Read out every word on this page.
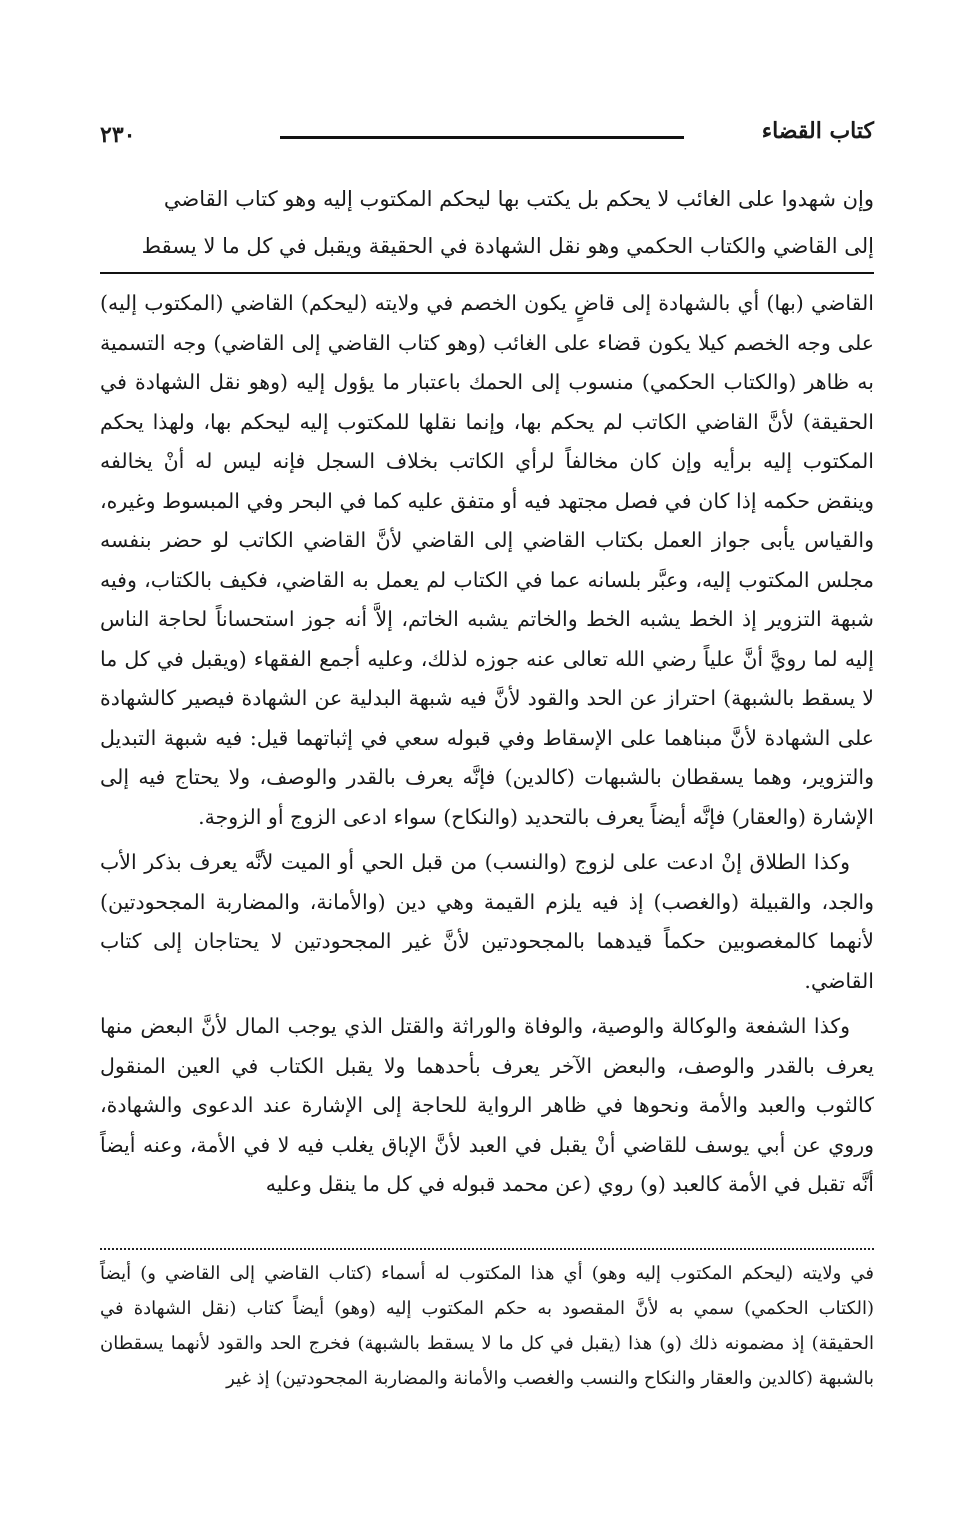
كتاب القضاء
٢٣٠
وإن شهدوا على الغائب لا يحكم بل يكتب بها ليحكم المكتوب إليه وهو كتاب القاضي
إلى القاضي والكتاب الحكمي وهو نقل الشهادة في الحقيقة ويقبل في كل ما لا يسقط

القاضي (بها) أي بالشهادة إلى قاضٍ يكون الخصم في ولايته (ليحكم) القاضي (المكتوب إليه) على وجه الخصم كيلا يكون قضاء على الغائب (وهو كتاب القاضي إلى القاضي) وجه التسمية به ظاهر (والكتاب الحكمي) منسوب إلى الحمك باعتبار ما يؤول إليه (وهو نقل الشهادة في الحقيقة) لأنَّ القاضي الكاتب لم يحكم بها، وإنما نقلها للمكتوب إليه ليحكم بها، ولهذا يحكم المكتوب إليه برأيه وإن كان مخالفاً لرأي الكاتب بخلاف السجل فإنه ليس له أنْ يخالفه وينقض حكمه إذا كان في فصل مجتهد فيه أو متفق عليه كما في البحر وفي المبسوط وغيره، والقياس يأبى جواز العمل بكتاب القاضي إلى القاضي لأنَّ القاضي الكاتب لو حضر بنفسه مجلس المكتوب إليه، وعبَّر بلسانه عما في الكتاب لم يعمل به القاضي، فكيف بالكتاب، وفيه شبهة التزوير إذ الخط يشبه الخط والخاتم يشبه الخاتم، إلاَّ أنه جوز استحساناً لحاجة الناس إليه لما رويَّ أنَّ علياً رضي الله تعالى عنه جوزه لذلك، وعليه أجمع الفقهاء (ويقبل في كل ما لا يسقط بالشبهة) احتراز عن الحد والقود لأنَّ فيه شبهة البدلية عن الشهادة فيصير كالشهادة على الشهادة لأنَّ مبناهما على الإسقاط وفي قبوله سعي في إثباتهما قيل: فيه شبهة التبديل والتزوير، وهما يسقطان بالشبهات (كالدين) فإنَّه يعرف بالقدر والوصف، ولا يحتاج فيه إلى الإشارة (والعقار) فإنَّه أيضاً يعرف بالتحديد (والنكاح) سواء ادعى الزوج أو الزوجة.

وكذا الطلاق إنْ ادعت على لزوج (والنسب) من قبل الحي أو الميت لأنَّه يعرف بذكر الأب والجد، والقبيلة (والغصب) إذ فيه يلزم القيمة وهي دين (والأمانة، والمضاربة المجحودتين) لأنهما كالمغصوبين حكماً قيدهما بالمجحودتين لأنَّ غير المجحودتين لا يحتاجان إلى كتاب القاضي.

وكذا الشفعة والوكالة والوصية، والوفاة والوراثة والقتل الذي يوجب المال لأنَّ البعض منها يعرف بالقدر والوصف، والبعض الآخر يعرف بأحدهما ولا يقبل الكتاب في العين المنقول كالثوب والعبد والأمة ونحوها في ظاهر الرواية للحاجة إلى الإشارة عند الدعوى والشهادة، وروي عن أبي يوسف للقاضي أنْ يقبل في العبد لأنَّ الإباق يغلب فيه لا في الأمة، وعنه أيضاً أنَّه تقبل في الأمة كالعبد (و) روي (عن محمد قبوله في كل ما ينقل وعليه

في ولايته (ليحكم المكتوب إليه وهو) أي هذا المكتوب له أسماء (كتاب القاضي إلى القاضي و) أيضاً (الكتاب الحكمي) سمي به لأنَّ المقصود به حكم المكتوب إليه (وهو) أيضاً كتاب (نقل الشهادة في الحقيقة) إذ مضمونه ذلك (و) هذا (يقبل في كل ما لا يسقط بالشبهة) فخرج الحد والقود لأنهما يسقطان بالشبهة (كالدين والعقار والنكاح والنسب والغصب والأمانة والمضاربة المجحودتين) إذ غير
